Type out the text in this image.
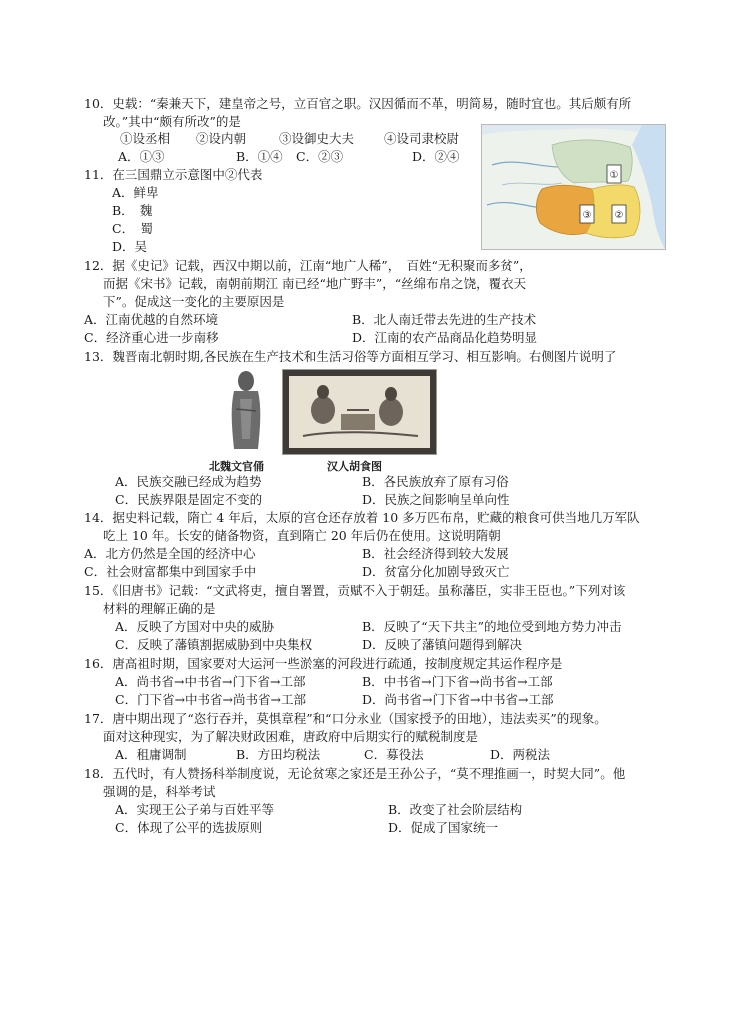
10．史载：“秦兼天下，建皇帝之号，立百官之职。汉因循而不革，明简易，随时宜也。其后颇有所
改。”其中“颇有所改”的是
①设丞相 ②设内朝	③设御史大夫 ④设司隶校尉
A．①③	B．①④ C．②③	D．②④
①
②
③
11．在三国鼎立示意图中②代表
A．鲜卑
B．　魏
C．　蜀
D．吴
12．据《史记》记载，西汉中期以前，江南“地广人稀”，　百姓“无积聚而多贫”，
而据《宋书》记载，南朝前期江 南已经“地广野丰”，“丝绵布帛之饶，覆衣天
下”。促成这一变化的主要原因是
A．江南优越的自然环境	B．北人南迁带去先进的生产技术
C．经济重心进一步南移	D．江南的农产品商品化趋势明显
13．魏晋南北朝时期,各民族在生产技术和生活习俗等方面相互学习、相互影响。右侧图片说明了
北魏文官俑	汉人胡食图
A．民族交融已经成为趋势	B．各民族放弃了原有习俗
C．民族界限是固定不变的	D．民族之间影响呈单向性
14．据史料记载，隋亡 4 年后，太原的宫仓还存放着 10 多万匹布帛，贮藏的粮食可供当地几万军队
吃上 10 年。长安的储备物资，直到隋亡 20 年后仍在使用。这说明隋朝
A．北方仍然是全国的经济中心	B．社会经济得到较大发展
C．社会财富都集中到国家手中	D．贫富分化加剧导致灭亡
15．《旧唐书》记载：“文武将吏，擅自署置，贡赋不入于朝廷。虽称藩臣，实非王臣也。”下列对该
材料的理解正确的是
A．反映了方国对中央的威胁	B．反映了“天下共主”的地位受到地方势力冲击
C．反映了藩镇割据威胁到中央集权	D．反映了藩镇问题得到解决
16．唐高祖时期，国家要对大运河一些淤塞的河段进行疏通，按制度规定其运作程序是
A．尚书省→中书省→门下省→工部	B．中书省→门下省→尚书省→工部
C．门下省→中书省→尚书省→工部	D．尚书省→门下省→中书省→工部
17．唐中期出现了“恣行吞并，莫惧章程”和“口分永业（国家授予的田地），违法卖买”的现象。
面对这种现实，为了解决财政困难，唐政府中后期实行的赋税制度是
A．租庸调制	B．方田均税法	C．募役法	D．两税法
18．五代时，有人赞扬科举制度说，无论贫寒之家还是王孙公子，“莫不理推画一，时契大同”。他
强调的是，科举考试
A．实现王公子弟与百姓平等	B．改变了社会阶层结构
C．体现了公平的选拔原则	D．促成了国家统一
